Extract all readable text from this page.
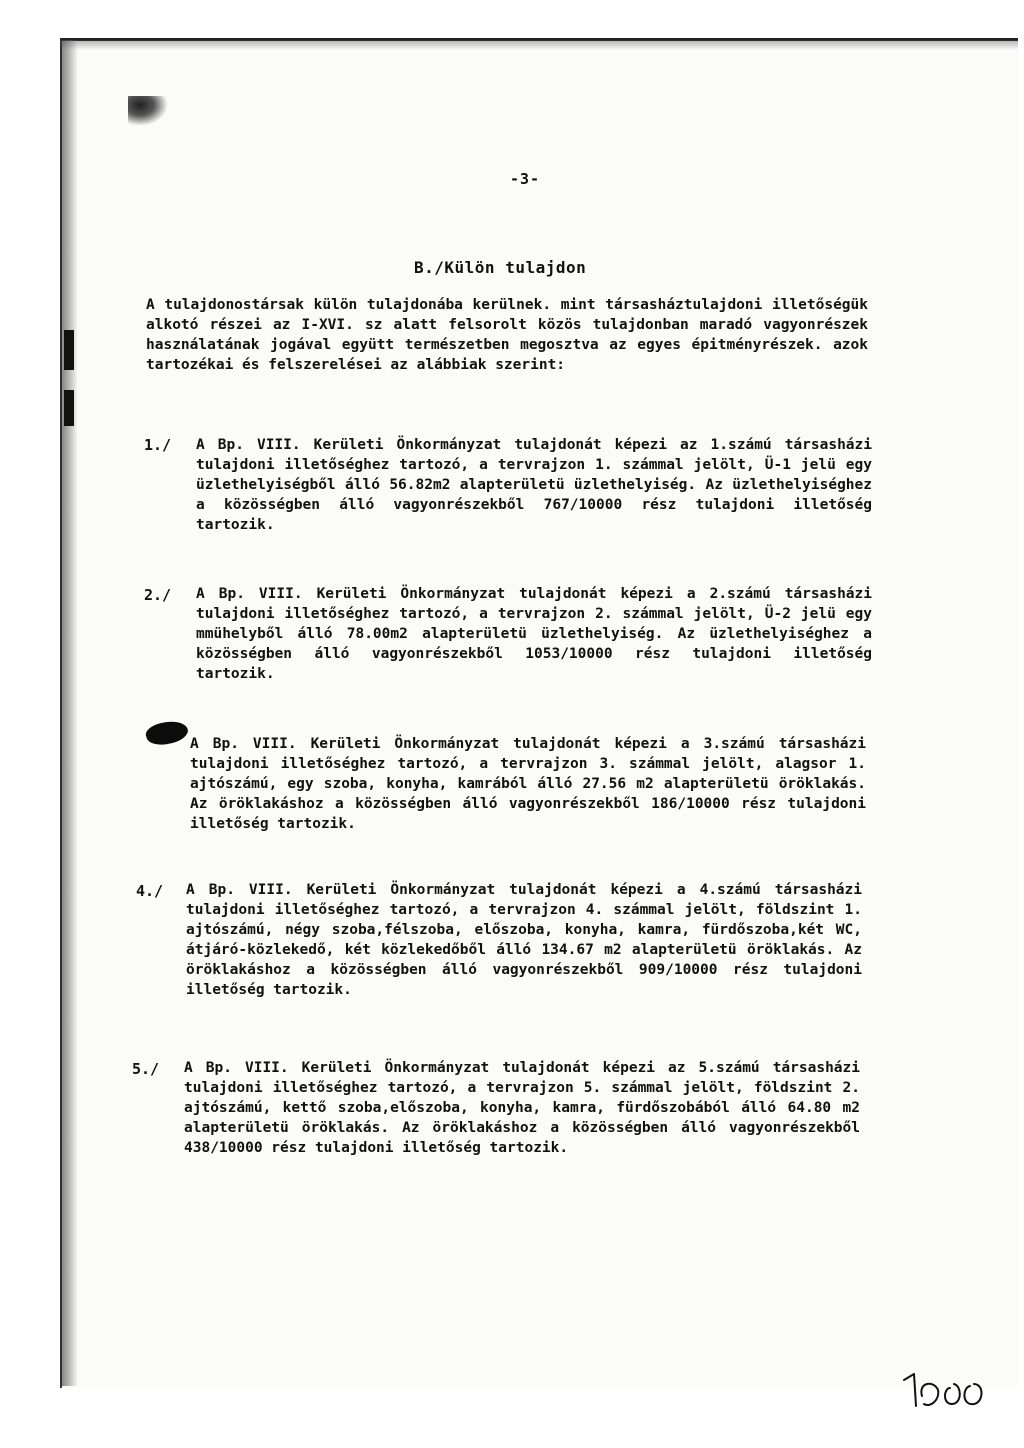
-3-
B./Külön tulajdon

A tulajdonostársak külön tulajdonába kerülnek. mint társasháztulajdoni illetőségük alkotó részei az I-XVI. sz alatt felsorolt közös tulajdonban maradó vagyonrészek használatának jogával együtt természetben megosztva az egyes épitményrészek. azok tartozékai és felszerelései az alábbiak szerint:

1./ A Bp. VIII. Kerületi Önkormányzat tulajdonát képezi az 1.számú társasházi tulajdoni illetőséghez tartozó, a tervrajzon 1. számmal jelölt, Ü-1 jelü egy üzlethelyiségből álló 56.82m2 alapterületü üzlethelyiség. Az üzlethelyiséghez a közösségben álló vagyonrészekből 767/10000 rész tulajdoni illetőség tartozik.

2./ A Bp. VIII. Kerületi Önkormányzat tulajdonát képezi a 2.számú társasházi tulajdoni illetőséghez tartozó, a tervrajzon 2. számmal jelölt, Ü-2 jelü egy mmühelyből álló 78.00m2 alapterületü üzlethelyiség. Az üzlethelyiséghez a közösségben álló vagyonrészekből 1053/10000 rész tulajdoni illetőség tartozik.

A Bp. VIII. Kerületi Önkormányzat tulajdonát képezi a 3.számú társasházi tulajdoni illetőséghez tartozó, a tervrajzon 3. számmal jelölt, alagsor 1. ajtószámú, egy szoba, konyha, kamrából álló 27.56 m2 alapterületü öröklakás. Az öröklakáshoz a közösségben álló vagyonrészekből 186/10000 rész tulajdoni illetőség tartozik.

4./ A Bp. VIII. Kerületi Önkormányzat tulajdonát képezi a 4.számú társasházi tulajdoni illetőséghez tartozó, a tervrajzon 4. számmal jelölt, földszint 1. ajtószámú, négy szoba,félszoba, előszoba, konyha, kamra, fürdőszoba,két WC, átjáró-közlekedő, két közlekedőből álló 134.67 m2 alapterületü öröklakás. Az öröklakáshoz a közösségben álló vagyonrészekből 909/10000 rész tulajdoni illetőség tartozik.

5./ A Bp. VIII. Kerületi Önkormányzat tulajdonát képezi az 5.számú társasházi tulajdoni illetőséghez tartozó, a tervrajzon 5. számmal jelölt, földszint 2. ajtószámú, kettő szoba,előszoba, konyha, kamra, fürdőszobából álló 64.80 m2 alapterületü öröklakás. Az öröklakáshoz a közösségben álló vagyonrészekből 438/10000 rész tulajdoni illetőség tartozik.
